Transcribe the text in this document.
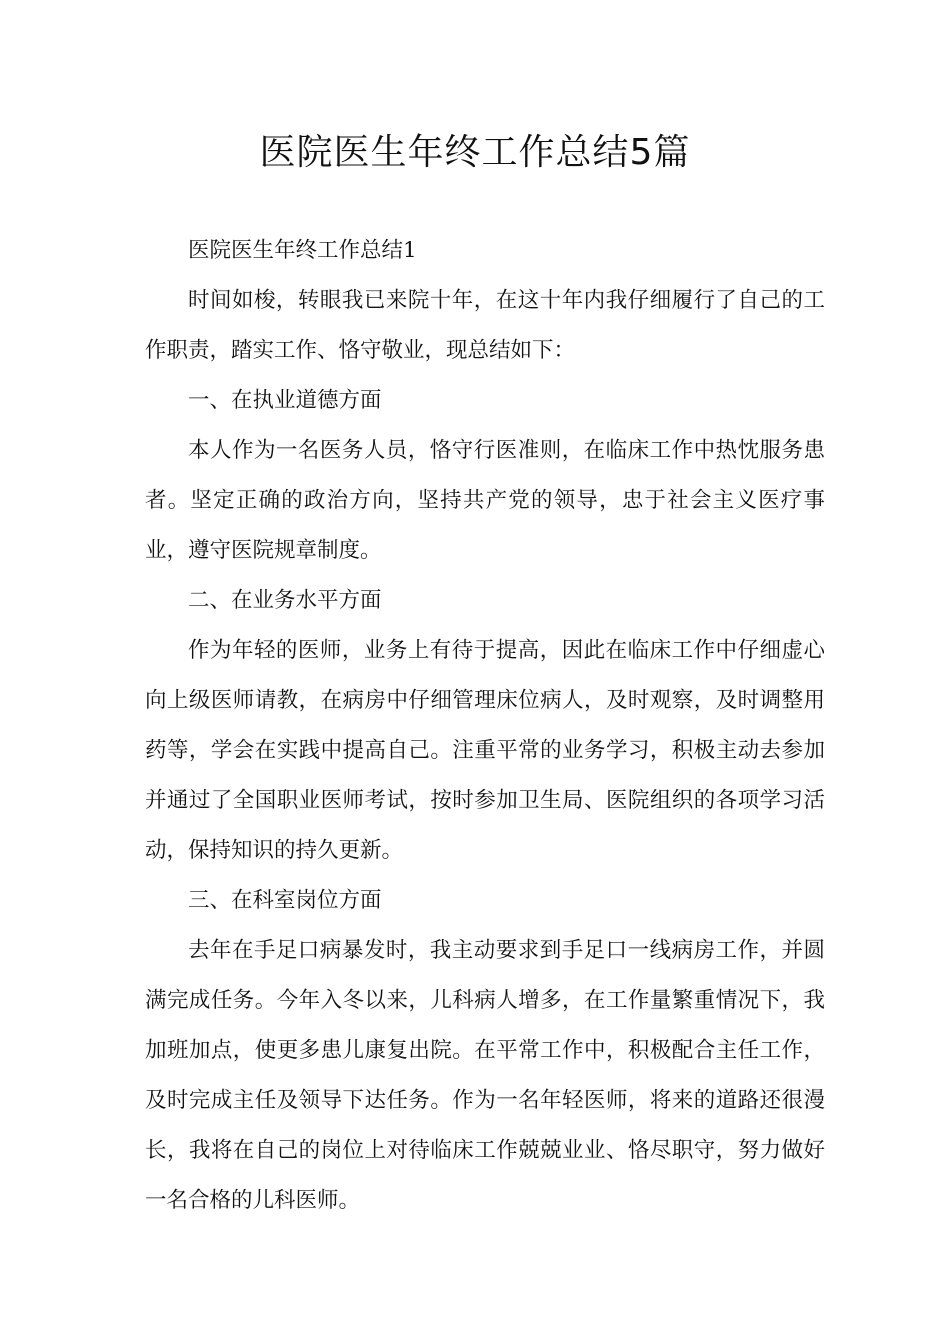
医院医生年终工作总结5篇

医院医生年终工作总结1

时间如梭，转眼我已来院十年，在这十年内我仔细履行了自己的工作职责，踏实工作、恪守敬业，现总结如下：

一、在执业道德方面

本人作为一名医务人员，恪守行医准则，在临床工作中热忱服务患者。坚定正确的政治方向，坚持共产党的领导，忠于社会主义医疗事业，遵守医院规章制度。

二、在业务水平方面

作为年轻的医师，业务上有待于提高，因此在临床工作中仔细虚心向上级医师请教，在病房中仔细管理床位病人，及时观察，及时调整用药等，学会在实践中提高自己。注重平常的业务学习，积极主动去参加并通过了全国职业医师考试，按时参加卫生局、医院组织的各项学习活动，保持知识的持久更新。

三、在科室岗位方面

去年在手足口病暴发时，我主动要求到手足口一线病房工作，并圆满完成任务。今年入冬以来，儿科病人增多，在工作量繁重情况下，我加班加点，使更多患儿康复出院。在平常工作中，积极配合主任工作，及时完成主任及领导下达任务。作为一名年轻医师，将来的道路还很漫长，我将在自己的岗位上对待临床工作兢兢业业、恪尽职守，努力做好一名合格的儿科医师。
